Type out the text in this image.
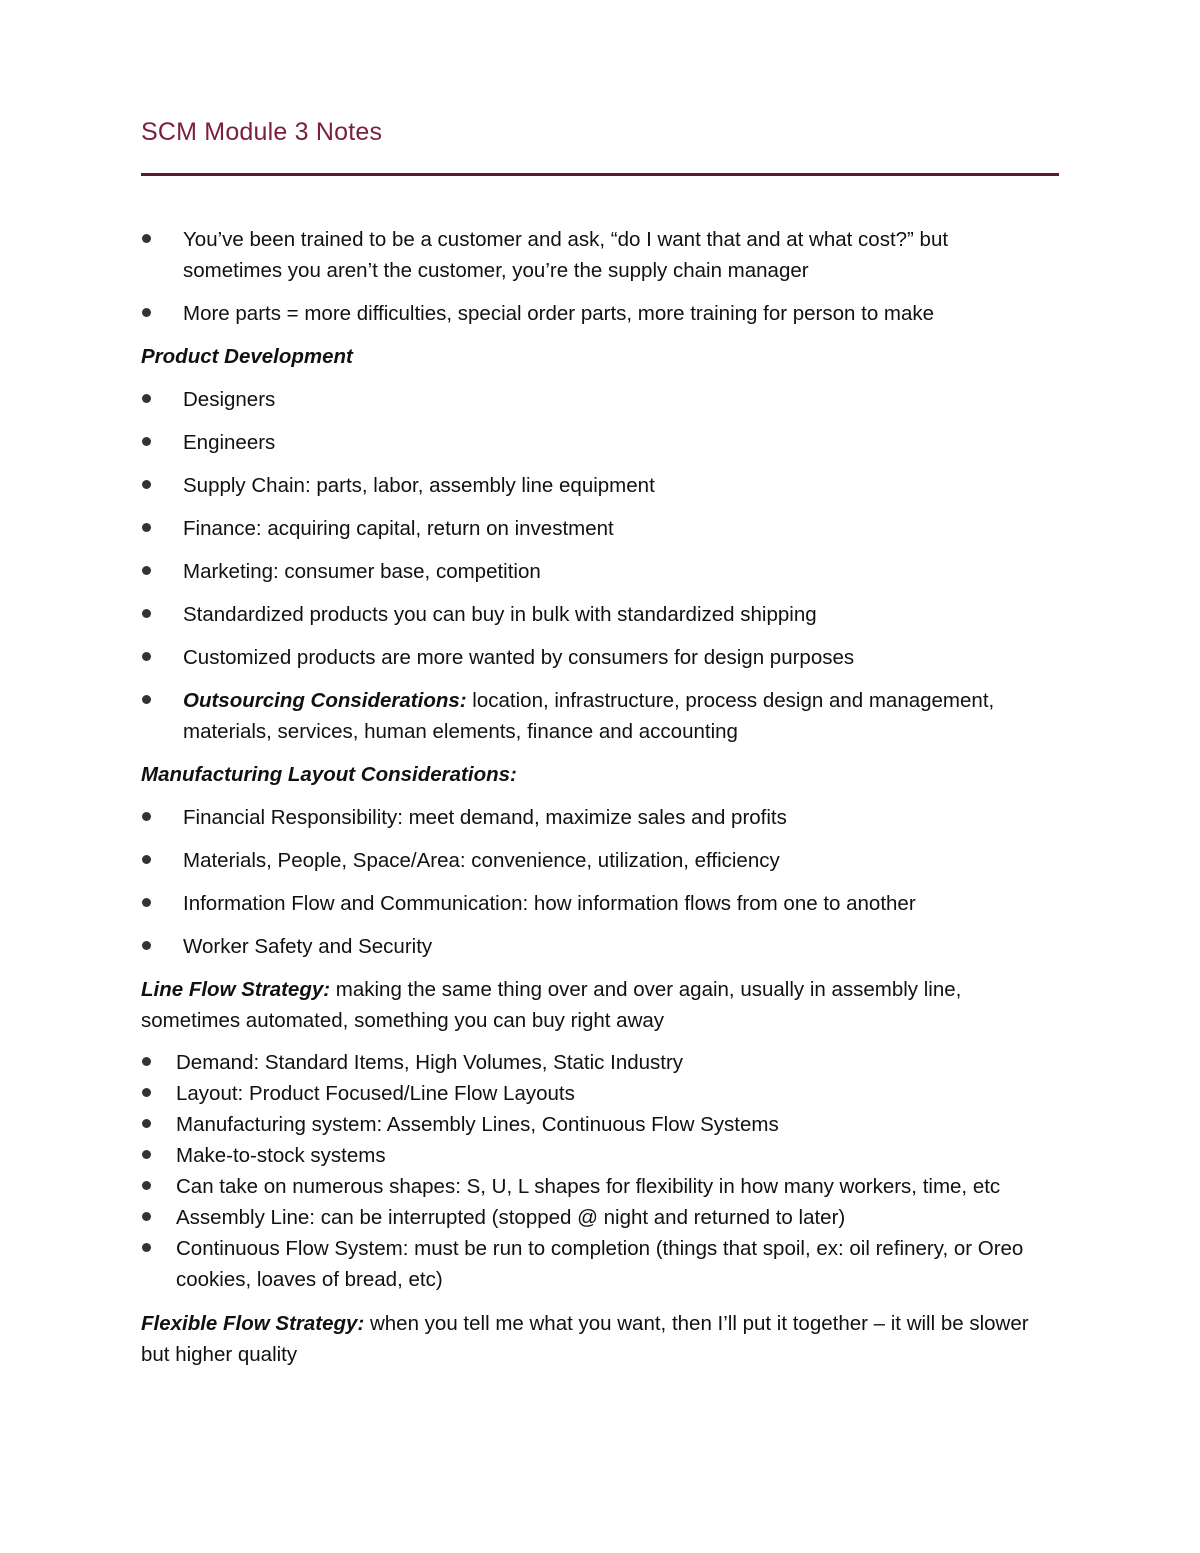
SCM Module 3 Notes
You’ve been trained to be a customer and ask, “do I want that and at what cost?” but sometimes you aren’t the customer, you’re the supply chain manager
More parts = more difficulties, special order parts, more training for person to make
Product Development
Designers
Engineers
Supply Chain: parts, labor, assembly line equipment
Finance: acquiring capital, return on investment
Marketing: consumer base, competition
Standardized products you can buy in bulk with standardized shipping
Customized products are more wanted by consumers for design purposes
Outsourcing Considerations: location, infrastructure, process design and management, materials, services, human elements, finance and accounting
Manufacturing Layout Considerations:
Financial Responsibility: meet demand, maximize sales and profits
Materials, People, Space/Area: convenience, utilization, efficiency
Information Flow and Communication: how information flows from one to another
Worker Safety and Security
Line Flow Strategy: making the same thing over and over again, usually in assembly line, sometimes automated, something you can buy right away
Demand: Standard Items, High Volumes, Static Industry
Layout: Product Focused/Line Flow Layouts
Manufacturing system: Assembly Lines, Continuous Flow Systems
Make-to-stock systems
Can take on numerous shapes: S, U, L shapes for flexibility in how many workers, time, etc
Assembly Line: can be interrupted (stopped @ night and returned to later)
Continuous Flow System: must be run to completion (things that spoil, ex: oil refinery, or Oreo cookies, loaves of bread, etc)
Flexible Flow Strategy: when you tell me what you want, then I’ll put it together – it will be slower but higher quality
